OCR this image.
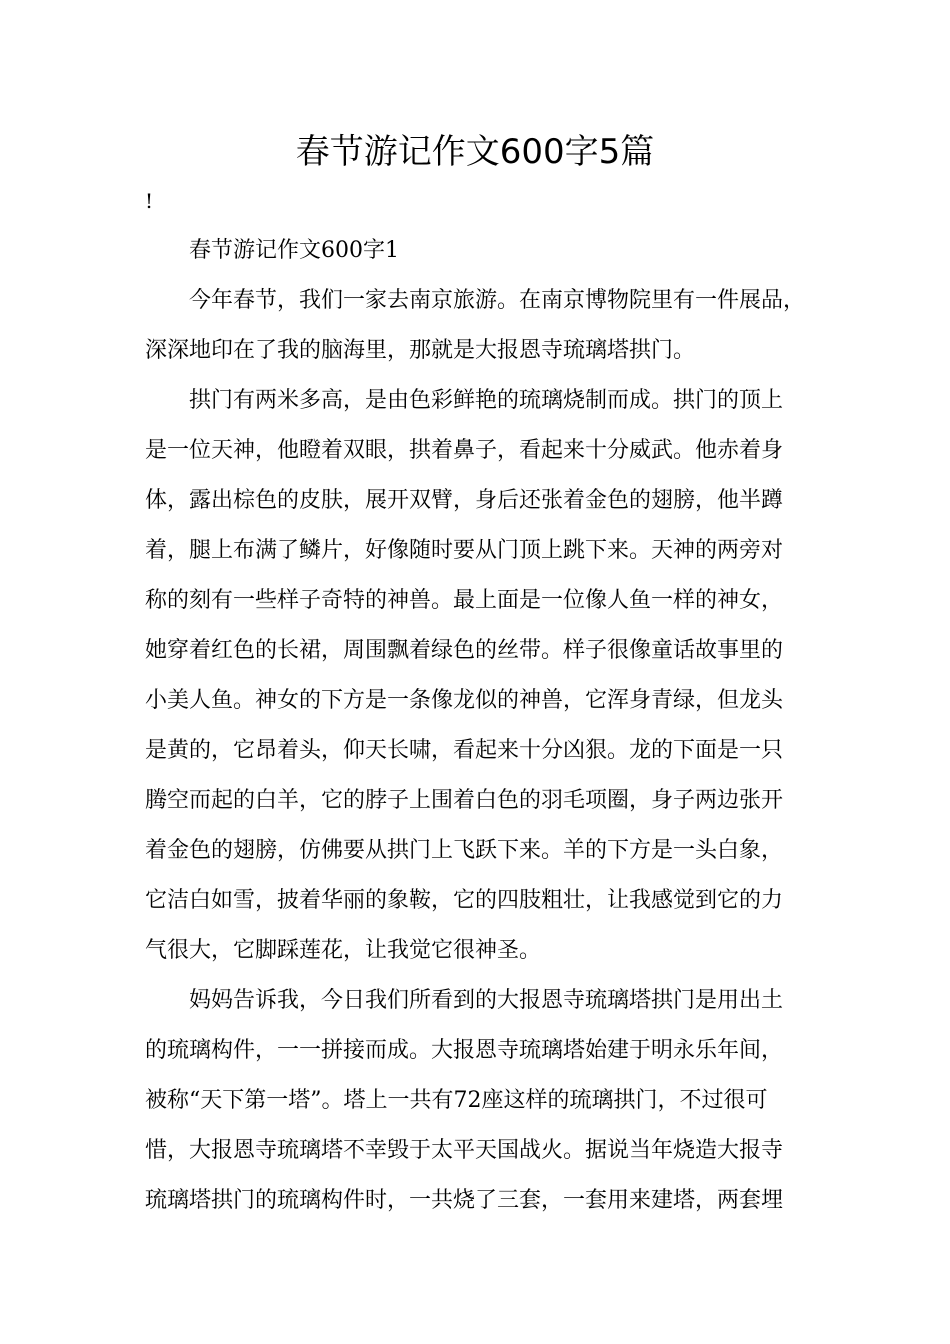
春节游记作文600字5篇

!

春节游记作文600字1

今年春节，我们一家去南京旅游。在南京博物院里有一件展品，

深深地印在了我的脑海里，那就是大报恩寺琉璃塔拱门。

拱门有两米多高，是由色彩鲜艳的琉璃烧制而成。拱门的顶上

是一位天神，他瞪着双眼，拱着鼻子，看起来十分威武。他赤着身

体，露出棕色的皮肤，展开双臂，身后还张着金色的翅膀，他半蹲

着，腿上布满了鳞片，好像随时要从门顶上跳下来。天神的两旁对

称的刻有一些样子奇特的神兽。最上面是一位像人鱼一样的神女，

她穿着红色的长裙，周围飘着绿色的丝带。样子很像童话故事里的

小美人鱼。神女的下方是一条像龙似的神兽，它浑身青绿，但龙头

是黄的，它昂着头，仰天长啸，看起来十分凶狠。龙的下面是一只

腾空而起的白羊，它的脖子上围着白色的羽毛项圈，身子两边张开

着金色的翅膀，仿佛要从拱门上飞跃下来。羊的下方是一头白象，

它洁白如雪，披着华丽的象鞍，它的四肢粗壮，让我感觉到它的力

气很大，它脚踩莲花，让我觉它很神圣。

妈妈告诉我，今日我们所看到的大报恩寺琉璃塔拱门是用出土

的琉璃构件，一一拼接而成。大报恩寺琉璃塔始建于明永乐年间，

被称“天下第一塔”。塔上一共有72座这样的琉璃拱门，不过很可

惜，大报恩寺琉璃塔不幸毁于太平天国战火。据说当年烧造大报寺

琉璃塔拱门的琉璃构件时，一共烧了三套，一套用来建塔，两套埋
